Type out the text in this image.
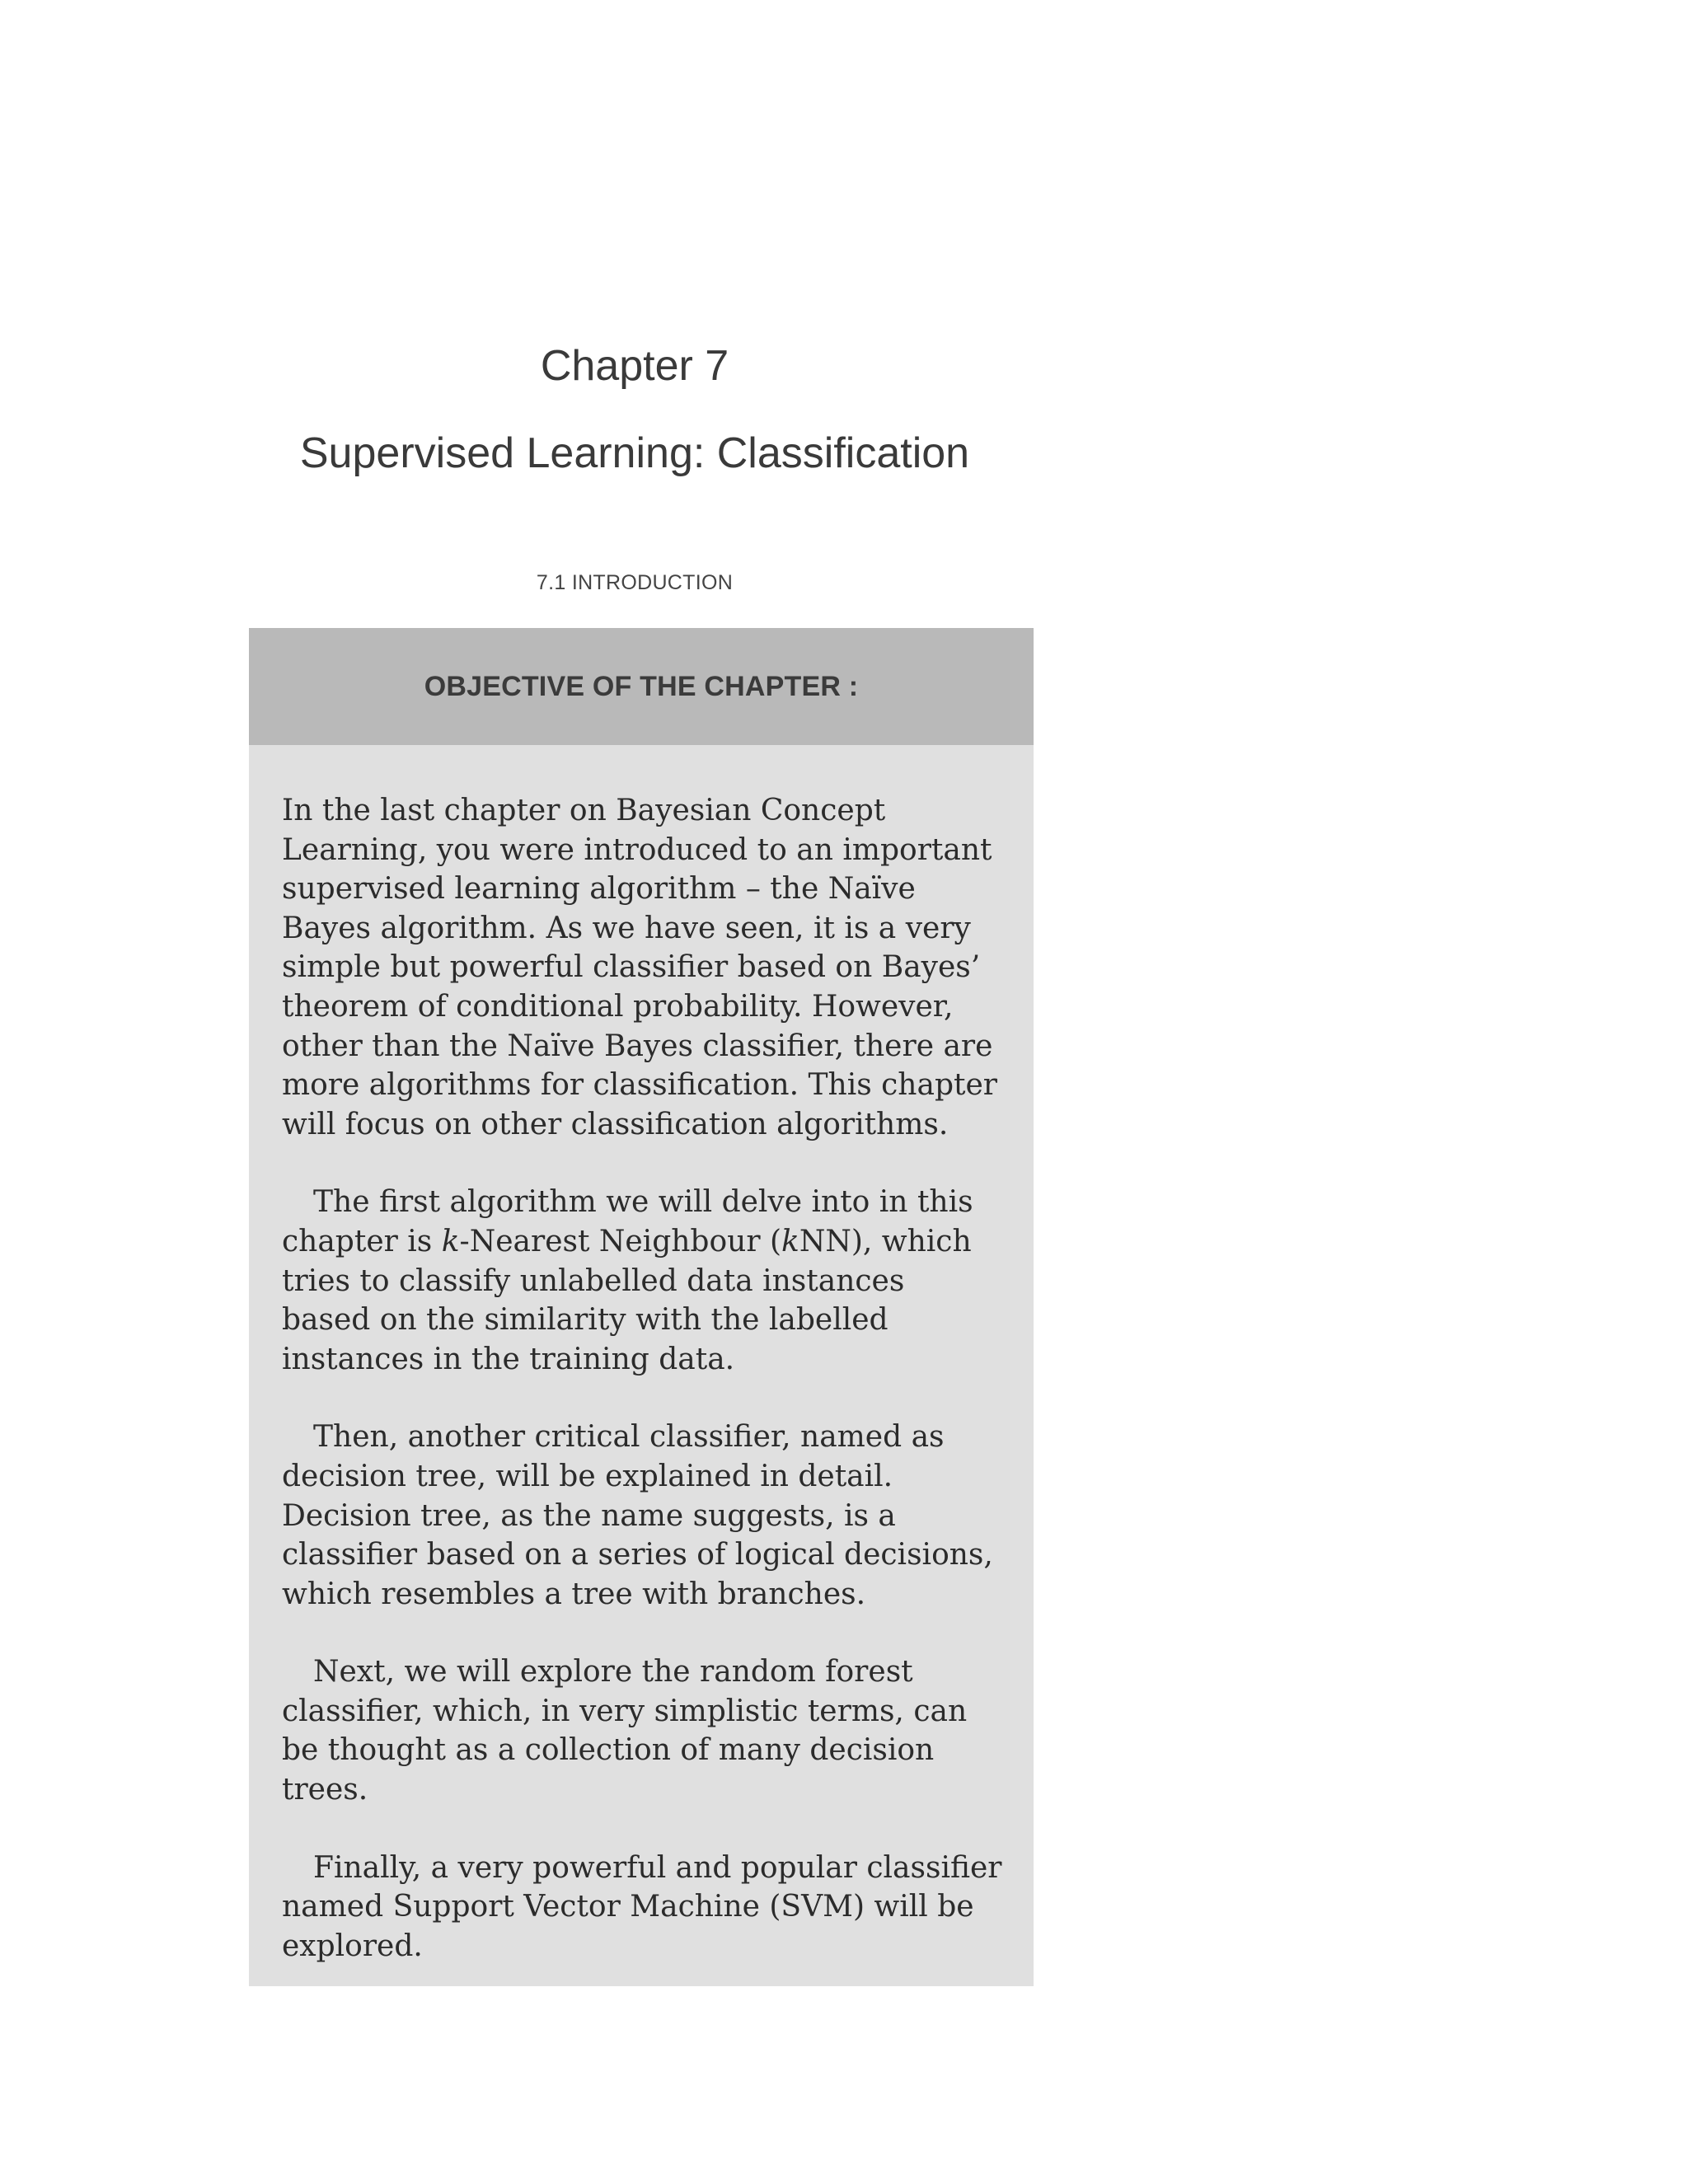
Chapter 7
Supervised Learning: Classification
7.1 INTRODUCTION
OBJECTIVE OF THE CHAPTER :

In the last chapter on Bayesian Concept Learning, you were introduced to an important supervised learning algorithm – the Naïve Bayes algorithm. As we have seen, it is a very simple but powerful classifier based on Bayes’ theorem of conditional probability. However, other than the Naïve Bayes classifier, there are more algorithms for classification. This chapter will focus on other classification algorithms.

The first algorithm we will delve into in this chapter is k-Nearest Neighbour (kNN), which tries to classify unlabelled data instances based on the similarity with the labelled instances in the training data.

Then, another critical classifier, named as decision tree, will be explained in detail. Decision tree, as the name suggests, is a classifier based on a series of logical decisions, which resembles a tree with branches.

Next, we will explore the random forest classifier, which, in very simplistic terms, can be thought as a collection of many decision trees.

Finally, a very powerful and popular classifier named Support Vector Machine (SVM) will be explored.
